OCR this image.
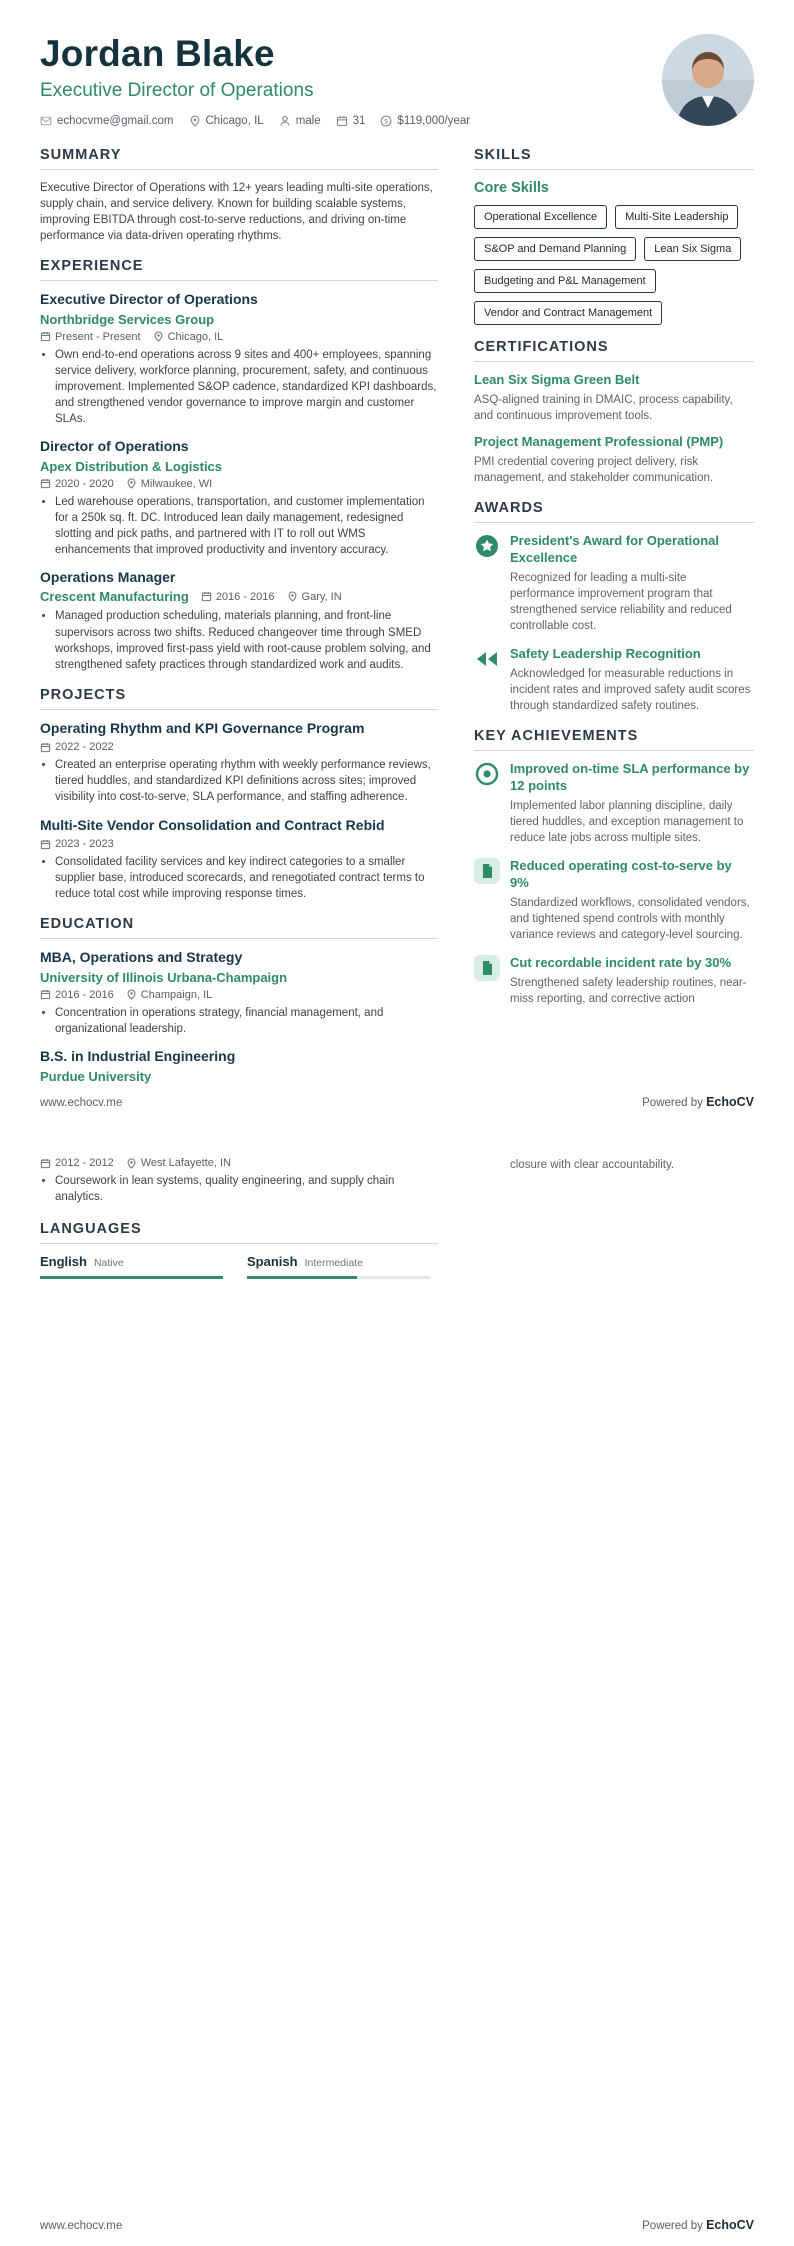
Jordan Blake
Executive Director of Operations
echocvme@gmail.com	Chicago, IL	male	31 $ $119,000/year
SUMMARY

Executive Director of Operations with 12+ years leading multi-site operations, supply chain, and service delivery. Known for building scalable systems, improving EBITDA through cost-to-serve reductions, and driving on-time performance via data-driven operating rhythms.

EXPERIENCE
Executive Director of Operations
Northbridge Services Group
Present - Present Chicago, IL
• Own end-to-end operations across 9 sites and 400+ employees, spanning service delivery, workforce planning, procurement, safety, and continuous improvement. Implemented S&OP cadence, standardized KPI dashboards, and strengthened vendor governance to improve margin and customer SLAs.
Director of Operations
Apex Distribution & Logistics
2020 - 2020 Milwaukee, WI
• Led warehouse operations, transportation, and customer implementation for a 250k sq. ft. DC. Introduced lean daily management, redesigned slotting and pick paths, and partnered with IT to roll out WMS enhancements that improved productivity and inventory accuracy.
Operations Manager
Crescent Manufacturing 2016 - 2016 Gary, IN
• Managed production scheduling, materials planning, and front-line supervisors across two shifts. Reduced changeover time through SMED workshops, improved first-pass yield with root-cause problem solving, and strengthened safety practices through standardized work and audits.
PROJECTS
Operating Rhythm and KPI Governance Program
2022 - 2022
• Created an enterprise operating rhythm with weekly performance reviews, tiered huddles, and standardized KPI definitions across sites; improved visibility into cost-to-serve, SLA performance, and staffing adherence.
Multi-Site Vendor Consolidation and Contract Rebid
2023 - 2023
• Consolidated facility services and key indirect categories to a smaller supplier base, introduced scorecards, and renegotiated contract terms to reduce total cost while improving response times.
EDUCATION
MBA, Operations and Strategy
University of Illinois Urbana-Champaign
2016 - 2016 Champaign, IL
• Concentration in operations strategy, financial management, and organizational leadership.
B.S. in Industrial Engineering
Purdue University
SKILLS
Core Skills
Operational Excellence	Multi-Site Leadership
S&OP and Demand Planning	Lean Six Sigma
Budgeting and P&L Management
Vendor and Contract Management
CERTIFICATIONS
Lean Six Sigma Green Belt
ASQ-aligned training in DMAIC, process capability, and continuous improvement tools.
Project Management Professional (PMP)
PMI credential covering project delivery, risk management, and stakeholder communication.
AWARDS
President's Award for Operational Excellence
Recognized for leading a multi-site performance improvement program that strengthened service reliability and reduced controllable cost.
Safety Leadership Recognition
Acknowledged for measurable reductions in incident rates and improved safety audit scores through standardized safety routines.
KEY ACHIEVEMENTS
Improved on-time SLA performance by 12 points
Implemented labor planning discipline, daily tiered huddles, and exception management to reduce late jobs across multiple sites.
Reduced operating cost-to-serve by 9%
Standardized workflows, consolidated vendors, and tightened spend controls with monthly variance reviews and category-level sourcing.
Cut recordable incident rate by 30%
Strengthened safety leadership routines, near-miss reporting, and corrective action
www.echocv.me	Powered by EchoCV
2012 - 2012 West Lafayette, IN
• Coursework in lean systems, quality engineering, and supply chain analytics.
LANGUAGES
English Native	Spanish Intermediate

closure with clear accountability.

www.echocv.me	Powered by EchoCV
